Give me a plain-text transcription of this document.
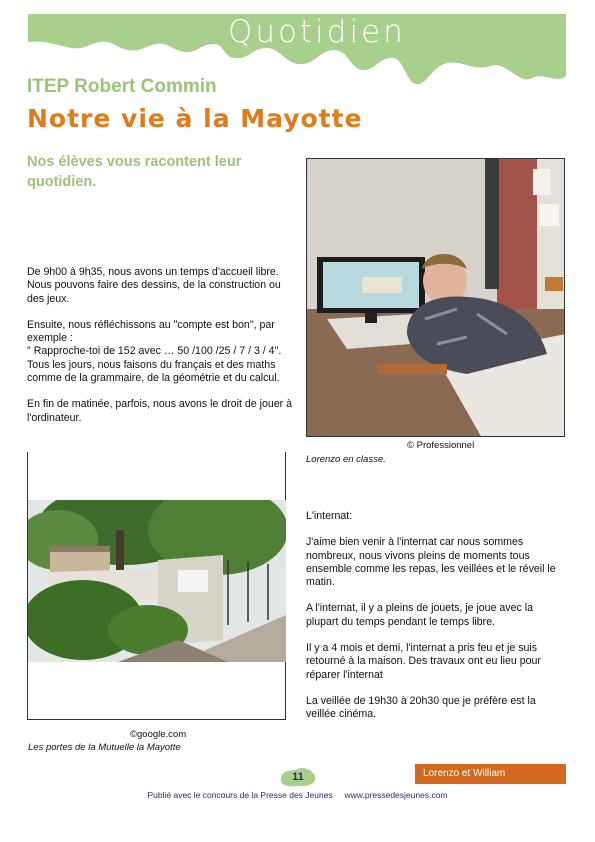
Quotidien
ITEP Robert Commin
Notre vie à la Mayotte
Nos élèves vous racontent leur quotidien.

De 9h00 à 9h35, nous avons un temps d'accueil libre. Nous pouvons faire des dessins, de la construction ou des jeux.

Ensuite, nous réfléchissons au "compte est bon", par exemple :
" Rapproche-toi de 152 avec … 50 /100 /25 / 7 / 3 / 4".
Tous les jours, nous faisons du français et des maths comme de la grammaire, de la géométrie et du calcul.

En fin de matinée, parfois, nous avons le droit de jouer à l'ordinateur.

© Professionnel
Lorenzo en classe.
©google.com
Les portes de la Mutuelle la Mayotte

L'internat:

J'aime bien venir à l'internat car nous sommes nombreux, nous vivons pleins de moments tous ensemble comme les repas, les veillées et le réveil le matin.

A l'internat, il y a pleins de jouets, je joue avec la plupart du temps pendant le temps libre.

Il y a 4 mois et demi, l'internat a pris feu et je suis retourné à la maison. Des travaux ont eu lieu pour réparer l'internat

La veillée de 19h30 à 20h30 que je préfère est la veillée cinéma.

Lorenzo et William
11
Publié avec le concours de la Presse des Jeunes     www.pressedesjeunes.com
